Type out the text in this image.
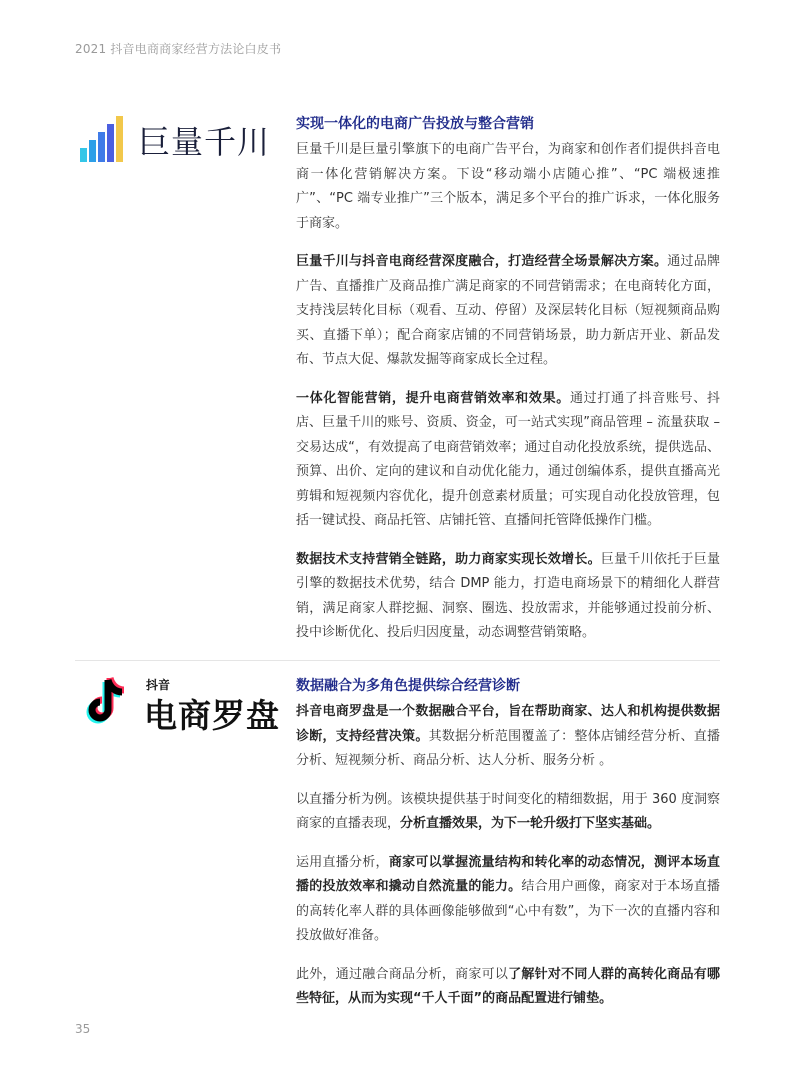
2021 抖音电商商家经营方法论白皮书
巨量千川 实现一体化的电商广告投放与整合营销

巨量千川是巨量引擎旗下的电商广告平台，为商家和创作者们提供抖音电商一体化营销解决方案。下设“移动端小店随心推”、“PC 端极速推广”、“PC 端专业推广”三个版本，满足多个平台的推广诉求，一体化服务于商家。

巨量千川与抖音电商经营深度融合，打造经营全场景解决方案。通过品牌广告、直播推广及商品推广满足商家的不同营销需求；在电商转化方面，支持浅层转化目标（观看、互动、停留）及深层转化目标（短视频商品购买、直播下单）；配合商家店铺的不同营销场景，助力新店开业、新品发布、节点大促、爆款发掘等商家成长全过程。

一体化智能营销，提升电商营销效率和效果。通过打通了抖音账号、抖店、巨量千川的账号、资质、资金，可一站式实现”商品管理 – 流量获取 – 交易达成“，有效提高了电商营销效率；通过自动化投放系统，提供选品、预算、出价、定向的建议和自动优化能力，通过创编体系，提供直播高光剪辑和短视频内容优化，提升创意素材质量；可实现自动化投放管理，包括一键试投、商品托管、店铺托管、直播间托管降低操作门槛。

数据技术支持营销全链路，助力商家实现长效增长。巨量千川依托于巨量引擎的数据技术优势，结合 DMP 能力，打造电商场景下的精细化人群营销，满足商家人群挖掘、洞察、圈选、投放需求，并能够通过投前分析、投中诊断优化、投后归因度量，动态调整营销策略。

抖音
电商罗盘
数据融合为多角色提供综合经营诊断

抖音电商罗盘是一个数据融合平台，旨在帮助商家、达人和机构提供数据诊断，支持经营决策。其数据分析范围覆盖了：整体店铺经营分析、直播分析、短视频分析、商品分析、达人分析、服务分析 。

以直播分析为例。该模块提供基于时间变化的精细数据，用于 360 度洞察商家的直播表现，分析直播效果，为下一轮升级打下坚实基础。

运用直播分析，商家可以掌握流量结构和转化率的动态情况，测评本场直播的投放效率和撬动自然流量的能力。结合用户画像，商家对于本场直播的高转化率人群的具体画像能够做到“心中有数”，为下一次的直播内容和投放做好准备。

此外，通过融合商品分析，商家可以了解针对不同人群的高转化商品有哪些特征，从而为实现“千人千面”的商品配置进行铺垫。

35
